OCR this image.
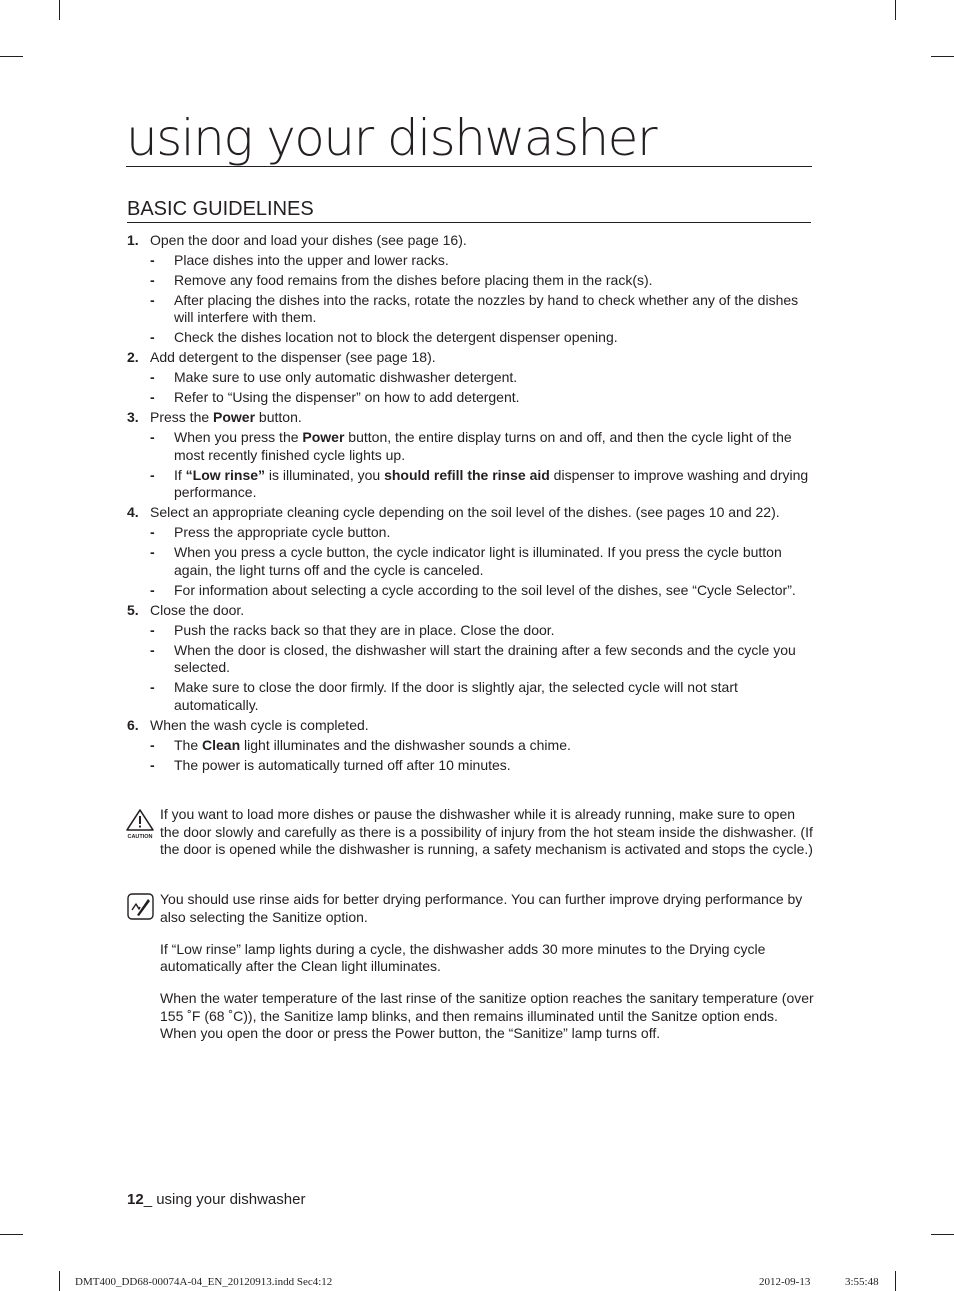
using your dishwasher
BASIC GUIDELINES
1. Open the door and load your dishes (see page 16).
- Place dishes into the upper and lower racks.
- Remove any food remains from the dishes before placing them in the rack(s).
- After placing the dishes into the racks, rotate the nozzles by hand to check whether any of the dishes will interfere with them.
- Check the dishes location not to block the detergent dispenser opening.
2. Add detergent to the dispenser (see page 18).
- Make sure to use only automatic dishwasher detergent.
- Refer to “Using the dispenser” on how to add detergent.
3. Press the Power button.
- When you press the Power button, the entire display turns on and off, and then the cycle light of the most recently finished cycle lights up.
- If “Low rinse” is illuminated, you should refill the rinse aid dispenser to improve washing and drying performance.
4. Select an appropriate cleaning cycle depending on the soil level of the dishes. (see pages 10 and 22).
- Press the appropriate cycle button.
- When you press a cycle button, the cycle indicator light is illuminated. If you press the cycle button again, the light turns off and the cycle is canceled.
- For information about selecting a cycle according to the soil level of the dishes, see “Cycle Selector”.
5. Close the door.
- Push the racks back so that they are in place. Close the door.
- When the door is closed, the dishwasher will start the draining after a few seconds and the cycle you selected.
- Make sure to close the door firmly. If the door is slightly ajar, the selected cycle will not start automatically.
6. When the wash cycle is completed.
- The Clean light illuminates and the dishwasher sounds a chime.
- The power is automatically turned off after 10 minutes.
CAUTION

If you want to load more dishes or pause the dishwasher while it is already running, make sure to open the door slowly and carefully as there is a possibility of injury from the hot steam inside the dishwasher. (If the door is opened while the dishwasher is running, a safety mechanism is activated and stops the cycle.)

You should use rinse aids for better drying performance. You can further improve drying performance by also selecting the Sanitize option.

If “Low rinse” lamp lights during a cycle, the dishwasher adds 30 more minutes to the Drying cycle automatically after the Clean light illuminates.

When the water temperature of the last rinse of the sanitize option reaches the sanitary temperature (over 155 ˚F (68 ˚C)), the Sanitize lamp blinks, and then remains illuminated until the Sanitze option ends. When you open the door or press the Power button, the “Sanitize” lamp turns off.

12_ using your dishwasher
DMT400_DD68-00074A-04_EN_20120913.indd Sec4:12	2012-09-13	3:55:48
